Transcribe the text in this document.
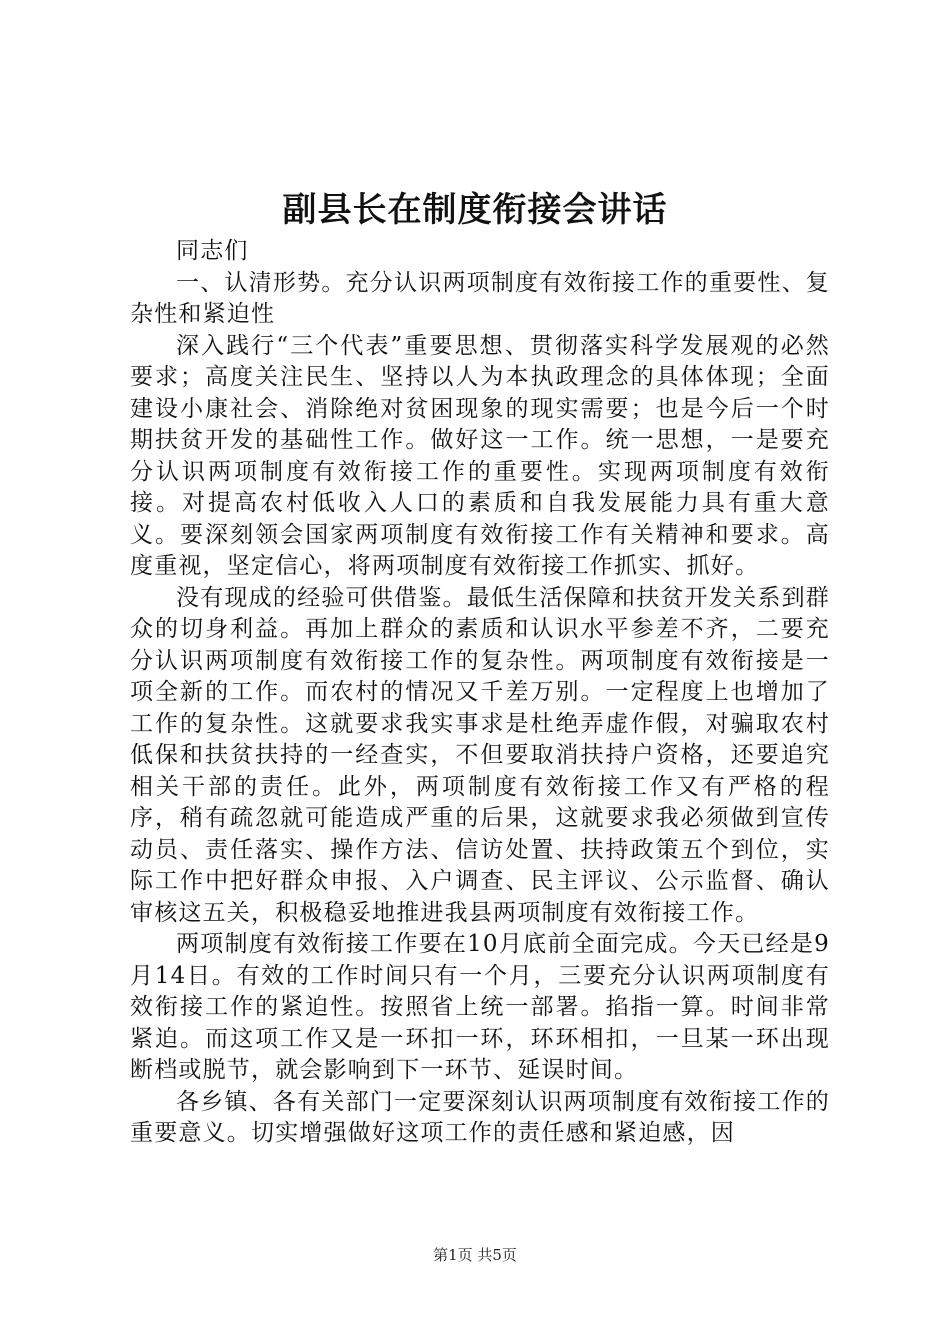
副县长在制度衔接会讲话

同志们

一、认清形势。充分认识两项制度有效衔接工作的重要性、复杂性和紧迫性

深入践行“三个代表”重要思想、贯彻落实科学发展观的必然要求；高度关注民生、坚持以人为本执政理念的具体体现；全面建设小康社会、消除绝对贫困现象的现实需要；也是今后一个时期扶贫开发的基础性工作。做好这一工作。统一思想，一是要充分认识两项制度有效衔接工作的重要性。实现两项制度有效衔接。对提高农村低收入人口的素质和自我发展能力具有重大意义。要深刻领会国家两项制度有效衔接工作有关精神和要求。高度重视，坚定信心，将两项制度有效衔接工作抓实、抓好。

没有现成的经验可供借鉴。最低生活保障和扶贫开发关系到群众的切身利益。再加上群众的素质和认识水平参差不齐，二要充分认识两项制度有效衔接工作的复杂性。两项制度有效衔接是一项全新的工作。而农村的情况又千差万别。一定程度上也增加了工作的复杂性。这就要求我实事求是杜绝弄虚作假，对骗取农村低保和扶贫扶持的一经查实，不但要取消扶持户资格，还要追究相关干部的责任。此外，两项制度有效衔接工作又有严格的程序，稍有疏忽就可能造成严重的后果，这就要求我必须做到宣传动员、责任落实、操作方法、信访处置、扶持政策五个到位，实际工作中把好群众申报、入户调查、民主评议、公示监督、确认审核这五关，积极稳妥地推进我县两项制度有效衔接工作。

两项制度有效衔接工作要在10月底前全面完成。今天已经是9月14日。有效的工作时间只有一个月，三要充分认识两项制度有效衔接工作的紧迫性。按照省上统一部署。掐指一算。时间非常紧迫。而这项工作又是一环扣一环，环环相扣，一旦某一环出现断档或脱节，就会影响到下一环节、延误时间。

各乡镇、各有关部门一定要深刻认识两项制度有效衔接工作的重要意义。切实增强做好这项工作的责任感和紧迫感，因

第1页 共5页
